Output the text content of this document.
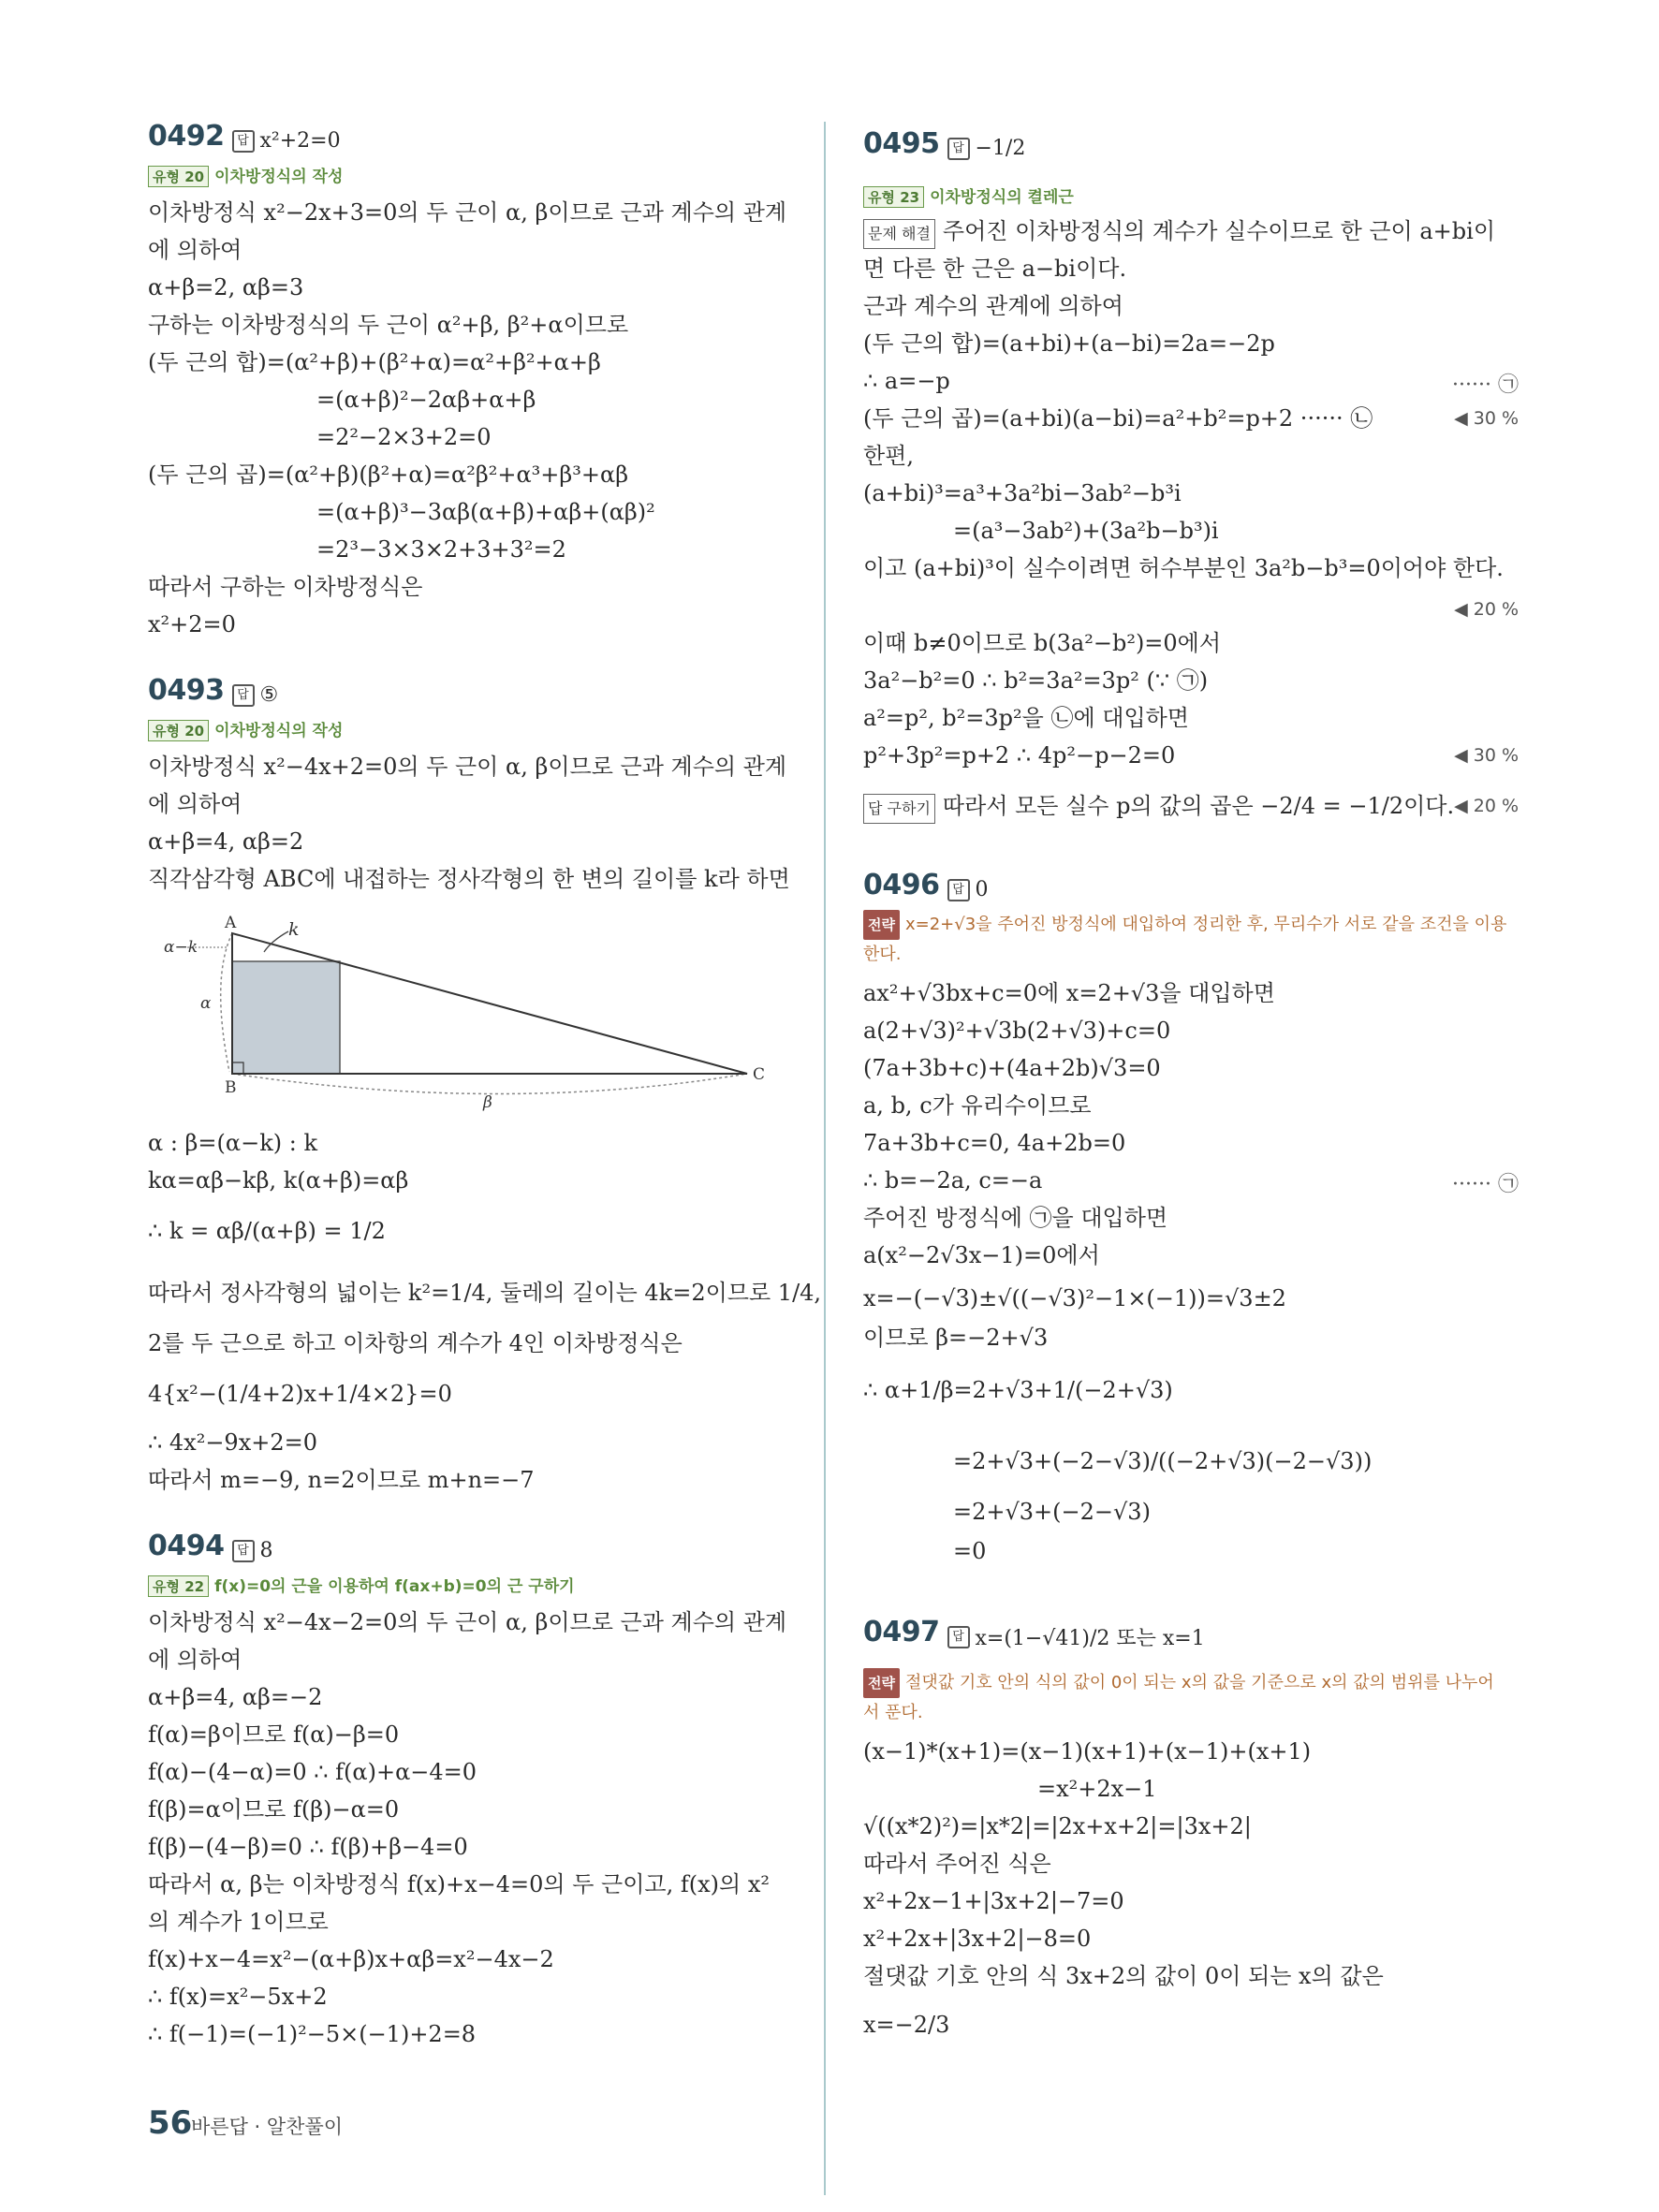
0492 답 x²+2=0
유형 20 이차방정식의 작성
이차방정식 x²−2x+3=0의 두 근이 α, β이므로 근과 계수의 관계
에 의하여
α+β=2, αβ=3
구하는 이차방정식의 두 근이 α²+β, β²+α이므로
(두 근의 합)=(α²+β)+(β²+α)=α²+β²+α+β
=(α+β)²−2αβ+α+β
=2²−2×3+2=0
(두 근의 곱)=(α²+β)(β²+α)=α²β²+α³+β³+αβ
=(α+β)³−3αβ(α+β)+αβ+(αβ)²
=2³−3×3×2+3+3²=2
따라서 구하는 이차방정식은
x²+2=0
0493 답 ⑤
유형 20 이차방정식의 작성
이차방정식 x²−4x+2=0의 두 근이 α, β이므로 근과 계수의 관계
에 의하여
α+β=4, αβ=2
직각삼각형 ABC에 내접하는 정사각형의 한 변의 길이를 k라 하면
α : β=(α−k) : k
kα=αβ−kβ, k(α+β)=αβ
∴ k = αβ/(α+β) = 1/2
따라서 정사각형의 넓이는 k²=1/4, 둘레의 길이는 4k=2이므로 1/4,
2를 두 근으로 하고 이차항의 계수가 4인 이차방정식은
4{x²−(1/4+2)x+1/4×2}=0
∴ 4x²−9x+2=0
따라서 m=−9, n=2이므로 m+n=−7
0494 답 8
유형 22 f(x)=0의 근을 이용하여 f(ax+b)=0의 근 구하기
이차방정식 x²−4x−2=0의 두 근이 α, β이므로 근과 계수의 관계
에 의하여
α+β=4, αβ=−2
f(α)=β이므로 f(α)−β=0
f(α)−(4−α)=0 ∴ f(α)+α−4=0
f(β)=α이므로 f(β)−α=0
f(β)−(4−β)=0 ∴ f(β)+β−4=0
따라서 α, β는 이차방정식 f(x)+x−4=0의 두 근이고, f(x)의 x²
의 계수가 1이므로
f(x)+x−4=x²−(α+β)x+αβ=x²−4x−2
∴ f(x)=x²−5x+2
∴ f(−1)=(−1)²−5×(−1)+2=8
0495 답 −1/2
유형 23 이차방정식의 켤레근
문제 해결 주어진 이차방정식의 계수가 실수이므로 한 근이 a+bi이
면 다른 한 근은 a−bi이다.
근과 계수의 관계에 의하여
(두 근의 합)=(a+bi)+(a−bi)=2a=−2p
∴ a=−p	······ ㉠
(두 근의 곱)=(a+bi)(a−bi)=a²+b²=p+2 ······ ㉡	◀ 30 %
한편,
(a+bi)³=a³+3a²bi−3ab²−b³i
=(a³−3ab²)+(3a²b−b³)i
이고 (a+bi)³이 실수이려면 허수부분인 3a²b−b³=0이어야 한다.
◀ 20 %
이때 b≠0이므로 b(3a²−b²)=0에서
3a²−b²=0 ∴ b²=3a²=3p² (∵ ㉠)
a²=p², b²=3p²을 ㉡에 대입하면
p²+3p²=p+2 ∴ 4p²−p−2=0	◀ 30 %
답 구하기 따라서 모든 실수 p의 값의 곱은 −2/4 = −1/2이다. ◀ 20 %
0496 답 0
전략 x=2+√3을 주어진 방정식에 대입하여 정리한 후, 무리수가 서로 같을 조건을 이용한다.
ax²+√3bx+c=0에 x=2+√3을 대입하면
a(2+√3)²+√3b(2+√3)+c=0
(7a+3b+c)+(4a+2b)√3=0
a, b, c가 유리수이므로
7a+3b+c=0, 4a+2b=0
∴ b=−2a, c=−a	······ ㉠
주어진 방정식에 ㉠을 대입하면
a(x²−2√3x−1)=0에서
x=−(−√3)±√((−√3)²−1×(−1))=√3±2
이므로 β=−2+√3
∴ α+1/β=2+√3+1/(−2+√3)
=2+√3+(−2−√3)/((−2+√3)(−2−√3))
=2+√3+(−2−√3)
=0
0497 답 x=(1−√41)/2 또는 x=1
전략 절댓값 기호 안의 식의 값이 0이 되는 x의 값을 기준으로 x의 값의 범위를 나누어서 푼다.
(x−1)*(x+1)=(x−1)(x+1)+(x−1)+(x+1)
=x²+2x−1
√((x*2)²)=|x*2|=|2x+x+2|=|3x+2|
따라서 주어진 식은
x²+2x−1+|3x+2|−7=0
x²+2x+|3x+2|−8=0
절댓값 기호 안의 식 3x+2의 값이 0이 되는 x의 값은
x=−2/3
A
B
C
k
α−k
α
β
56
바른답 · 알찬풀이
